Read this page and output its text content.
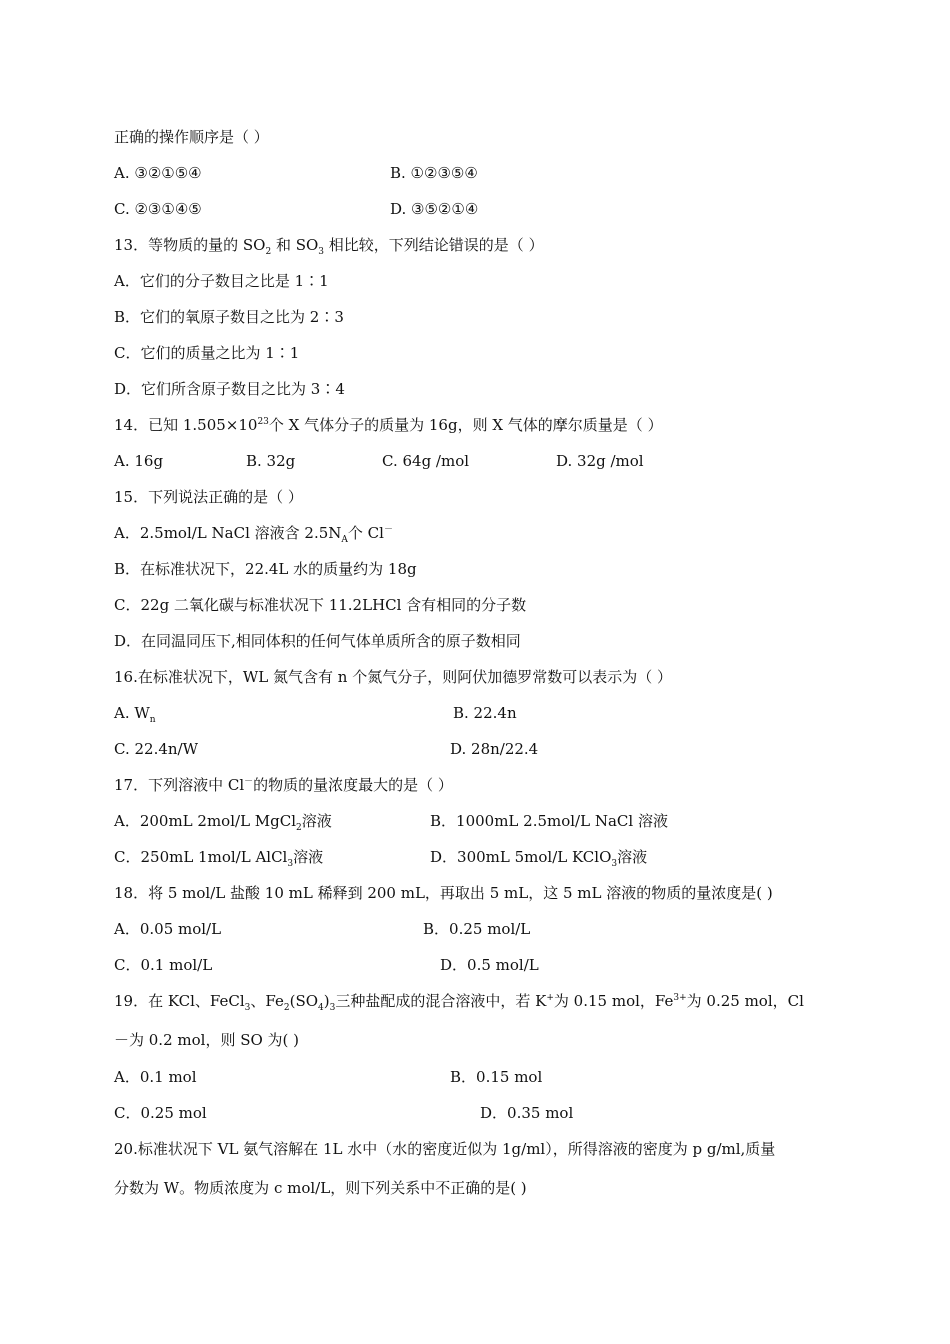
正确的操作顺序是（ ）
A. ③②①⑤④	B. ①②③⑤④
C. ②③①④⑤	D. ③⑤②①④
13．等物质的量的 $SO_2$ 和 $SO_3$ 相比较，下列结论错误的是（ ）
A．它们的分子数目之比是 1∶1
B．它们的氧原子数目之比为 2∶3
C．它们的质量之比为 1∶1
D．它们所含原子数目之比为 3∶4
14．已知 $1.505\times 10^{23}$个 X 气体分子的质量为 16g，则 X 气体的摩尔质量是（ ）
A. 16g	B. 32g	C. 64g /mol	D. 32g /mol
15．下列说法正确的是（ ）
A．2.5mol/L NaCl 溶液含 $2.5N_A$个 Cl－
B．在标准状况下，22.4L 水的质量约为 18g
C．22g 二氧化碳与标准状况下 11.2LHCl 含有相同的分子数
D．在同温同压下,相同体积的任何气体单质所含的原子数相同
16.在标准状况下，WL 氮气含有 n 个氮气分子，则阿伏加德罗常数可以表示为（ ）
A. $W_n$	B. 22.4n
C. 22.4n/W	D. 28n/22.4
17．下列溶液中 Cl－的物质的量浓度最大的是（ ）
A．200mL 2mol/L MgCl$_2$溶液	B．1000mL 2.5mol/L NaCl 溶液
C．250mL 1mol/L AlCl$_3$溶液	D．300mL 5mol/L KClO$_3$溶液
18．将 5 mol/L 盐酸 10 mL 稀释到 200 mL，再取出 5 mL，这 5 mL 溶液的物质的量浓度是( )
A．0.05 mol/L	B．0.25 mol/L
C．0.1 mol/L	D．0.5 mol/L
19．在 KCl、FeCl$_3$、$Fe_2(SO_4)_3$三种盐配成的混合溶液中，若 K+为 0.15 mol，$Fe^{3+}$为 0.25 mol，Cl
－为 0.2 mol，则 SO 为( )
A．0.1 mol	B．0.15 mol
C．0.25 mol	D．0.35 mol
20.标准状况下 VL 氨气溶解在 1L 水中（水的密度近似为 1g/ml），所得溶液的密度为 p g/ml,质量
分数为 W。物质浓度为 c mol/L，则下列关系中不正确的是( )
